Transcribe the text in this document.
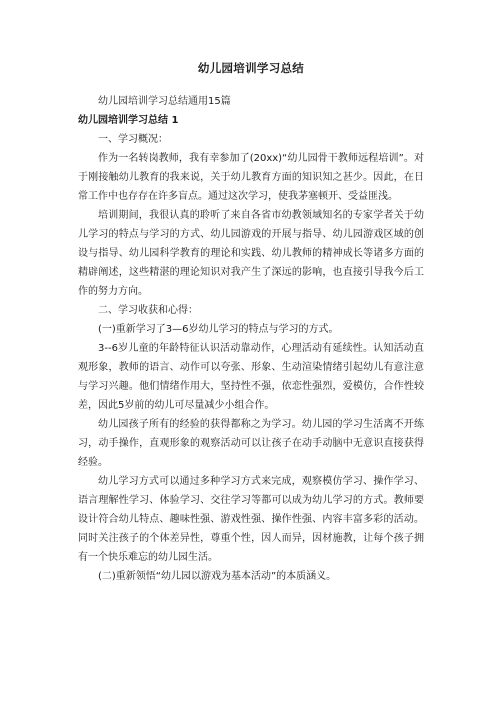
幼儿园培训学习总结

幼儿园培训学习总结通用15篇

幼儿园培训学习总结 1

一、学习概况：

作为一名转岗教师，我有幸参加了(20xx)“幼儿园骨干教师远程培训”。对于刚接触幼儿教育的我来说，关于幼儿教育方面的知识知之甚少。因此，在日常工作中也存存在许多盲点。通过这次学习，使我茅塞顿开、受益匪浅。

培训期间，我很认真的聆听了来自各省市幼教领域知名的专家学者关于幼儿学习的特点与学习的方式、幼儿园游戏的开展与指导、幼儿园游戏区域的创设与指导、幼儿园科学教育的理论和实践、幼儿教师的精神成长等诸多方面的精辟阐述，这些精湛的理论知识对我产生了深远的影响，也直接引导我今后工作的努力方向。

二、学习收获和心得：

(一)重新学习了3—6岁幼儿学习的特点与学习的方式。

3--6岁儿童的年龄特征认识活动靠动作，心理活动有延续性。认知活动直观形象，教师的语言、动作可以夸张、形象、生动渲染情绪引起幼儿有意注意与学习兴趣。他们情绪作用大，坚持性不强，依恋性强烈，爱模仿，合作性较差，因此5岁前的幼儿可尽量减少小组合作。

幼儿园孩子所有的经验的获得都称之为学习。幼儿园的学习生活离不开练习，动手操作，直观形象的观察活动可以让孩子在动手动脑中无意识直接获得经验。

幼儿学习方式可以通过多种学习方式来完成，观察模仿学习、操作学习、语言理解性学习、体验学习、交往学习等都可以成为幼儿学习的方式。教师要设计符合幼儿特点、趣味性强、游戏性强、操作性强、内容丰富多彩的活动。同时关注孩子的个体差异性，尊重个性，因人而异，因材施教，让每个孩子拥有一个快乐难忘的幼儿园生活。

(二)重新领悟“幼儿园以游戏为基本活动”的本质涵义。
